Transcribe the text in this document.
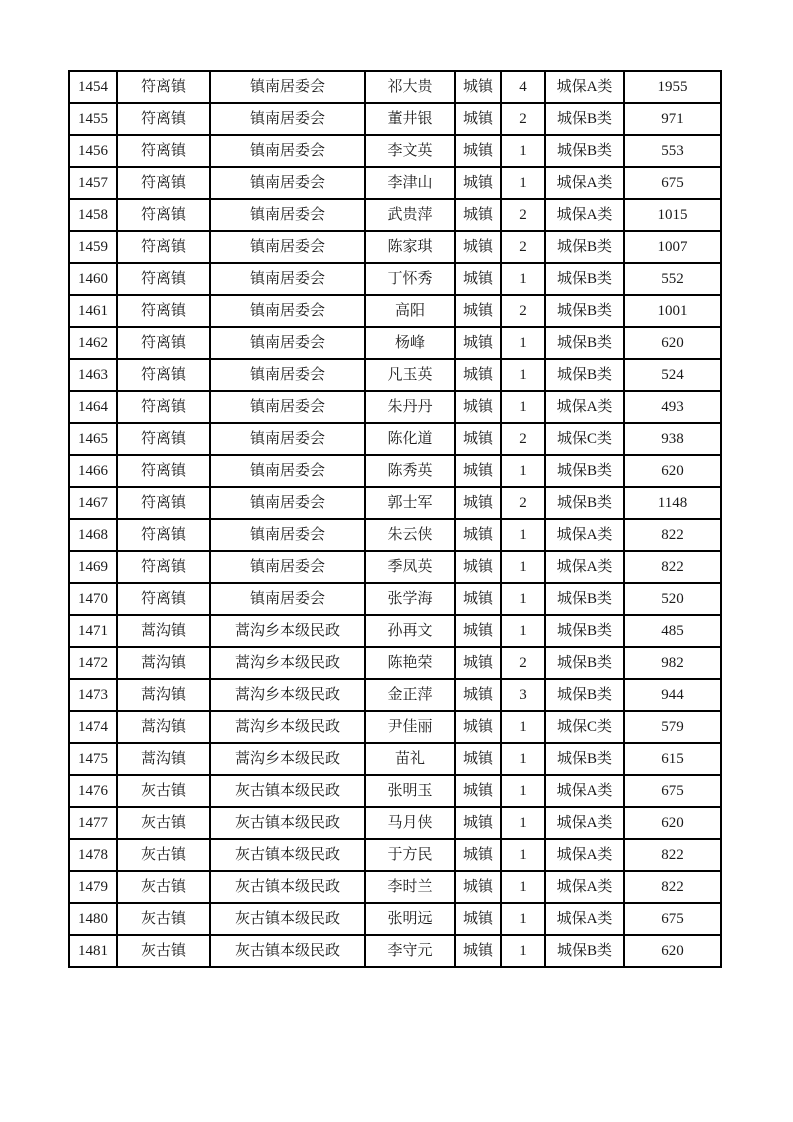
1454	符离镇	镇南居委会	祁大贵	城镇	4	城保A类	1955
1455	符离镇	镇南居委会	董井银	城镇	2	城保B类	971
1456	符离镇	镇南居委会	李文英	城镇	1	城保B类	553
1457	符离镇	镇南居委会	李津山	城镇	1	城保A类	675
1458	符离镇	镇南居委会	武贵萍	城镇	2	城保A类	1015
1459	符离镇	镇南居委会	陈家琪	城镇	2	城保B类	1007
1460	符离镇	镇南居委会	丁怀秀	城镇	1	城保B类	552
1461	符离镇	镇南居委会	高阳	城镇	2	城保B类	1001
1462	符离镇	镇南居委会	杨峰	城镇	1	城保B类	620
1463	符离镇	镇南居委会	凡玉英	城镇	1	城保B类	524
1464	符离镇	镇南居委会	朱丹丹	城镇	1	城保A类	493
1465	符离镇	镇南居委会	陈化道	城镇	2	城保C类	938
1466	符离镇	镇南居委会	陈秀英	城镇	1	城保B类	620
1467	符离镇	镇南居委会	郭士军	城镇	2	城保B类	1148
1468	符离镇	镇南居委会	朱云侠	城镇	1	城保A类	822
1469	符离镇	镇南居委会	季凤英	城镇	1	城保A类	822
1470	符离镇	镇南居委会	张学海	城镇	1	城保B类	520
1471	蒿沟镇	蒿沟乡本级民政	孙再文	城镇	1	城保B类	485
1472	蒿沟镇	蒿沟乡本级民政	陈艳荣	城镇	2	城保B类	982
1473	蒿沟镇	蒿沟乡本级民政	金正萍	城镇	3	城保B类	944
1474	蒿沟镇	蒿沟乡本级民政	尹佳丽	城镇	1	城保C类	579
1475	蒿沟镇	蒿沟乡本级民政	苗礼	城镇	1	城保B类	615
1476	灰古镇	灰古镇本级民政	张明玉	城镇	1	城保A类	675
1477	灰古镇	灰古镇本级民政	马月侠	城镇	1	城保A类	620
1478	灰古镇	灰古镇本级民政	于方民	城镇	1	城保A类	822
1479	灰古镇	灰古镇本级民政	李时兰	城镇	1	城保A类	822
1480	灰古镇	灰古镇本级民政	张明远	城镇	1	城保A类	675
1481	灰古镇	灰古镇本级民政	李守元	城镇	1	城保B类	620
